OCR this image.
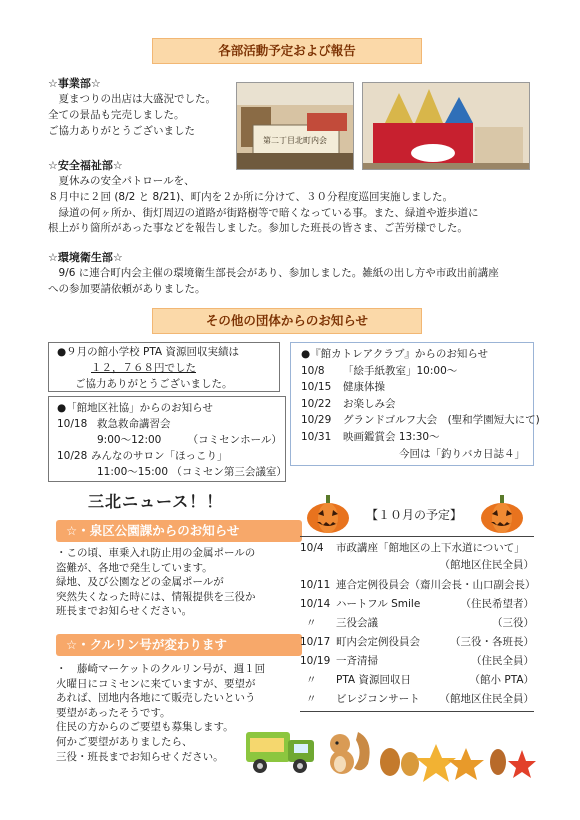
各部活動予定および報告
☆事業部☆
　夏まつりの出店は大盛況でした。
全ての景品も完売しました。
ご協力ありがとうございました
第二丁目北町内会
☆安全福祉部☆
　夏休みの安全パトロールを、
８月中に２回 (8/2 と 8/21)、町内を２か所に分けて、３０分程度巡回実施しました。
　緑道の何ヶ所か、街灯周辺の道路が街路樹等で暗くなっている事。また、緑道や遊歩道に
根上がり箇所があった事などを報告しました。参加した班長の皆さま、ご苦労様でした。
☆環境衛生部☆
　9/6 に連合町内会主催の環境衛生部長会があり、参加しました。雑紙の出し方や市政出前講座
への参加要請依頼がありました。
その他の団体からのお知らせ
●９月の館小学校 PTA 資源回収実績は
１２，７６８円でした
ご協力ありがとうございました。
●「館地区社協」からのお知らせ
10/18 救急救命講習会
9:00～12:00　　　（コミセンホール）
10/28 みんなのサロン「ほっこり」
11:00～15:00 （コミセン第三会議室）
●『館カトレアクラブ』からのお知らせ
10/8 「絵手紙教室」10:00～
10/15 健康体操
10/22 お楽しみ会
10/29 グランドゴルフ大会　(聖和学園短大にて)
10/31 映画鑑賞会 13:30～
今回は「釣りバカ日誌４」
三北ニュース！！
☆・泉区公園課からのお知らせ
・この頃、車乗入れ防止用の金属ポールの
盗難が、各地で発生しています。
緑地、及び公園などの金属ポールが
突然失くなった時には、情報提供を三役か
班長までお知らせください。
☆・クルリン号が変わります
・　藤崎マーケットのクルリン号が、週１回
火曜日にコミセンに来ていますが、要望が
あれば、団地内各地にて販売したいという
要望があったそうです。
住民の方からのご要望も募集します。
何かご要望がありましたら、
三役・班長までお知らせください。
【１０月の予定】
10/4 市政講座「館地区の上下水道について」
（館地区住民全員）
10/11 連合定例役員会（齋川会長・山口副会長）
10/14 ハートフル Smile	（住民希望者）
〃 三役会議	（三役）
10/17 町内会定例役員会	（三役・各班長）
10/19 一斉清掃	（住民全員）
〃 PTA 資源回収日	（館小 PTA）
〃 ビレジコンサート （館地区住民全員）
